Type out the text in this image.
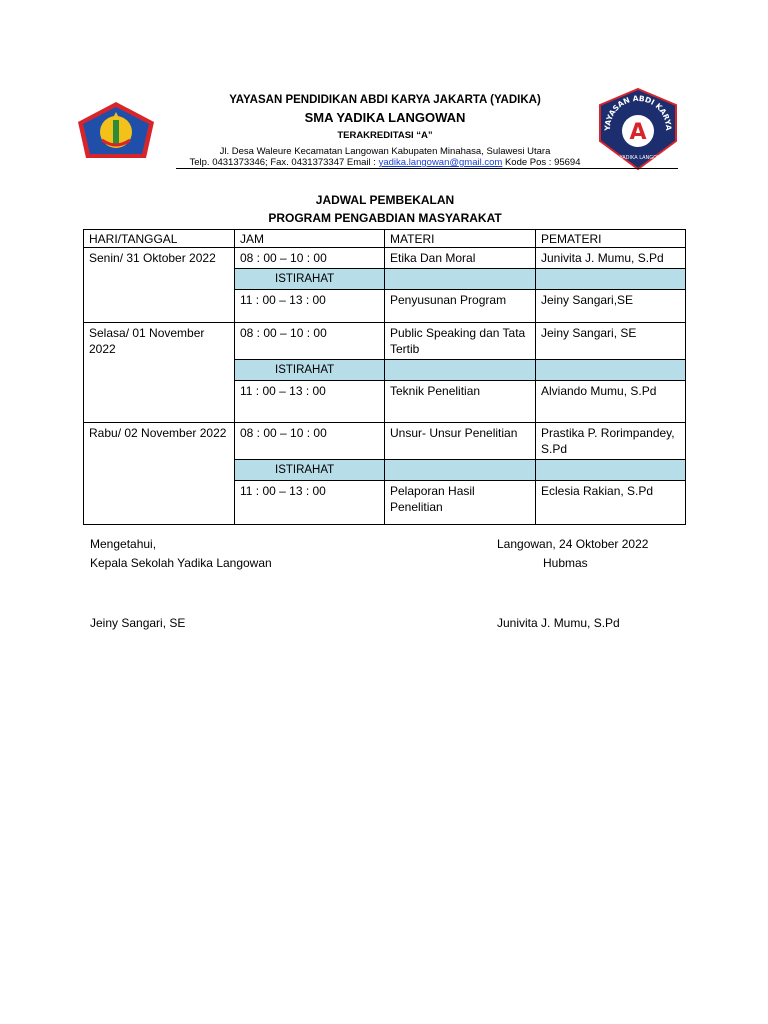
YAYASAN ABDI KARYA
A
SMA YADIKA LANGOWAN
YAYASAN PENDIDIKAN ABDI KARYA JAKARTA (YADIKA)
SMA YADIKA LANGOWAN
TERAKREDITASI “A”
Jl. Desa Waleure Kecamatan Langowan Kabupaten Minahasa, Sulawesi Utara
Telp. 0431373346; Fax. 0431373347 Email : yadika.langowan@gmail.com Kode Pos : 95694
JADWAL PEMBEKALAN
PROGRAM PENGABDIAN MASYARAKAT
HARI/TANGGAL	JAM	MATERI	PEMATERI
Senin/ 31 Oktober 2022	08 : 00 – 10 : 00	Etika Dan Moral	Junivita J. Mumu, S.Pd
	ISTIRAHAT		
	11 : 00 – 13 : 00	Penyusunan Program	Jeiny Sangari,SE
Selasa/ 01 November 2022	08 : 00 – 10 : 00	Public Speaking dan Tata Tertib	Jeiny Sangari, SE
	ISTIRAHAT		
	11 : 00 – 13 : 00	Teknik Penelitian	Alviando Mumu, S.Pd
Rabu/ 02 November 2022	08 : 00 – 10 : 00	Unsur- Unsur Penelitian	Prastika P. Rorimpandey, S.Pd
	ISTIRAHAT		
	11 : 00 – 13 : 00	Pelaporan Hasil Penelitian	Eclesia Rakian, S.Pd
Mengetahui,
Kepala Sekolah Yadika Langowan
Jeiny Sangari, SE
Langowan, 24 Oktober 2022
Hubmas
Junivita J. Mumu, S.Pd
